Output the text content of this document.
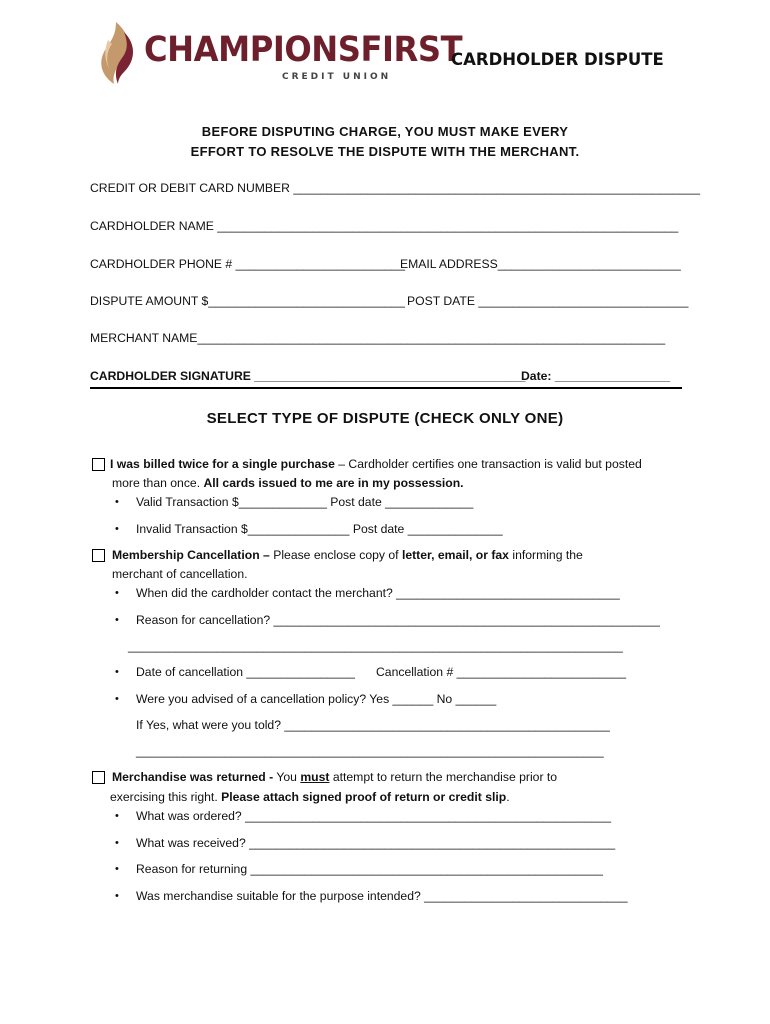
CHAMPIONSFIRST
CREDIT UNION
CARDHOLDER DISPUTE
BEFORE DISPUTING CHARGE, YOU MUST MAKE EVERY
EFFORT TO RESOLVE THE DISPUTE WITH THE MERCHANT.
CREDIT OR DEBIT CARD NUMBER ____________________________________________________________
CARDHOLDER NAME ____________________________________________________________________
CARDHOLDER PHONE # _________________________
EMAIL ADDRESS___________________________
DISPUTE AMOUNT $_____________________________ POST DATE _______________________________
MERCHANT NAME_____________________________________________________________________
CARDHOLDER SIGNATURE ________________________________________
Date: _________________
SELECT TYPE OF DISPUTE (CHECK ONLY ONE)
I was billed twice for a single purchase – Cardholder certifies one transaction is valid but posted
more than once. All cards issued to me are in my possession.
• Valid Transaction $_____________ Post date _____________
• Invalid Transaction $_______________ Post date ______________
Membership Cancellation – Please enclose copy of letter, email, or fax informing the
merchant of cancellation.
• When did the cardholder contact the merchant? _________________________________
• Reason for cancellation? _________________________________________________________
_________________________________________________________________________
• Date of cancellation ________________ Cancellation # _________________________
• Were you advised of a cancellation policy? Yes ______ No ______
If Yes, what were you told? ________________________________________________
_____________________________________________________________________
Merchandise was returned - You must attempt to return the merchandise prior to
exercising this right. Please attach signed proof of return or credit slip.
• What was ordered? ______________________________________________________
• What was received? ______________________________________________________
• Reason for returning ____________________________________________________
• Was merchandise suitable for the purpose intended? ______________________________
